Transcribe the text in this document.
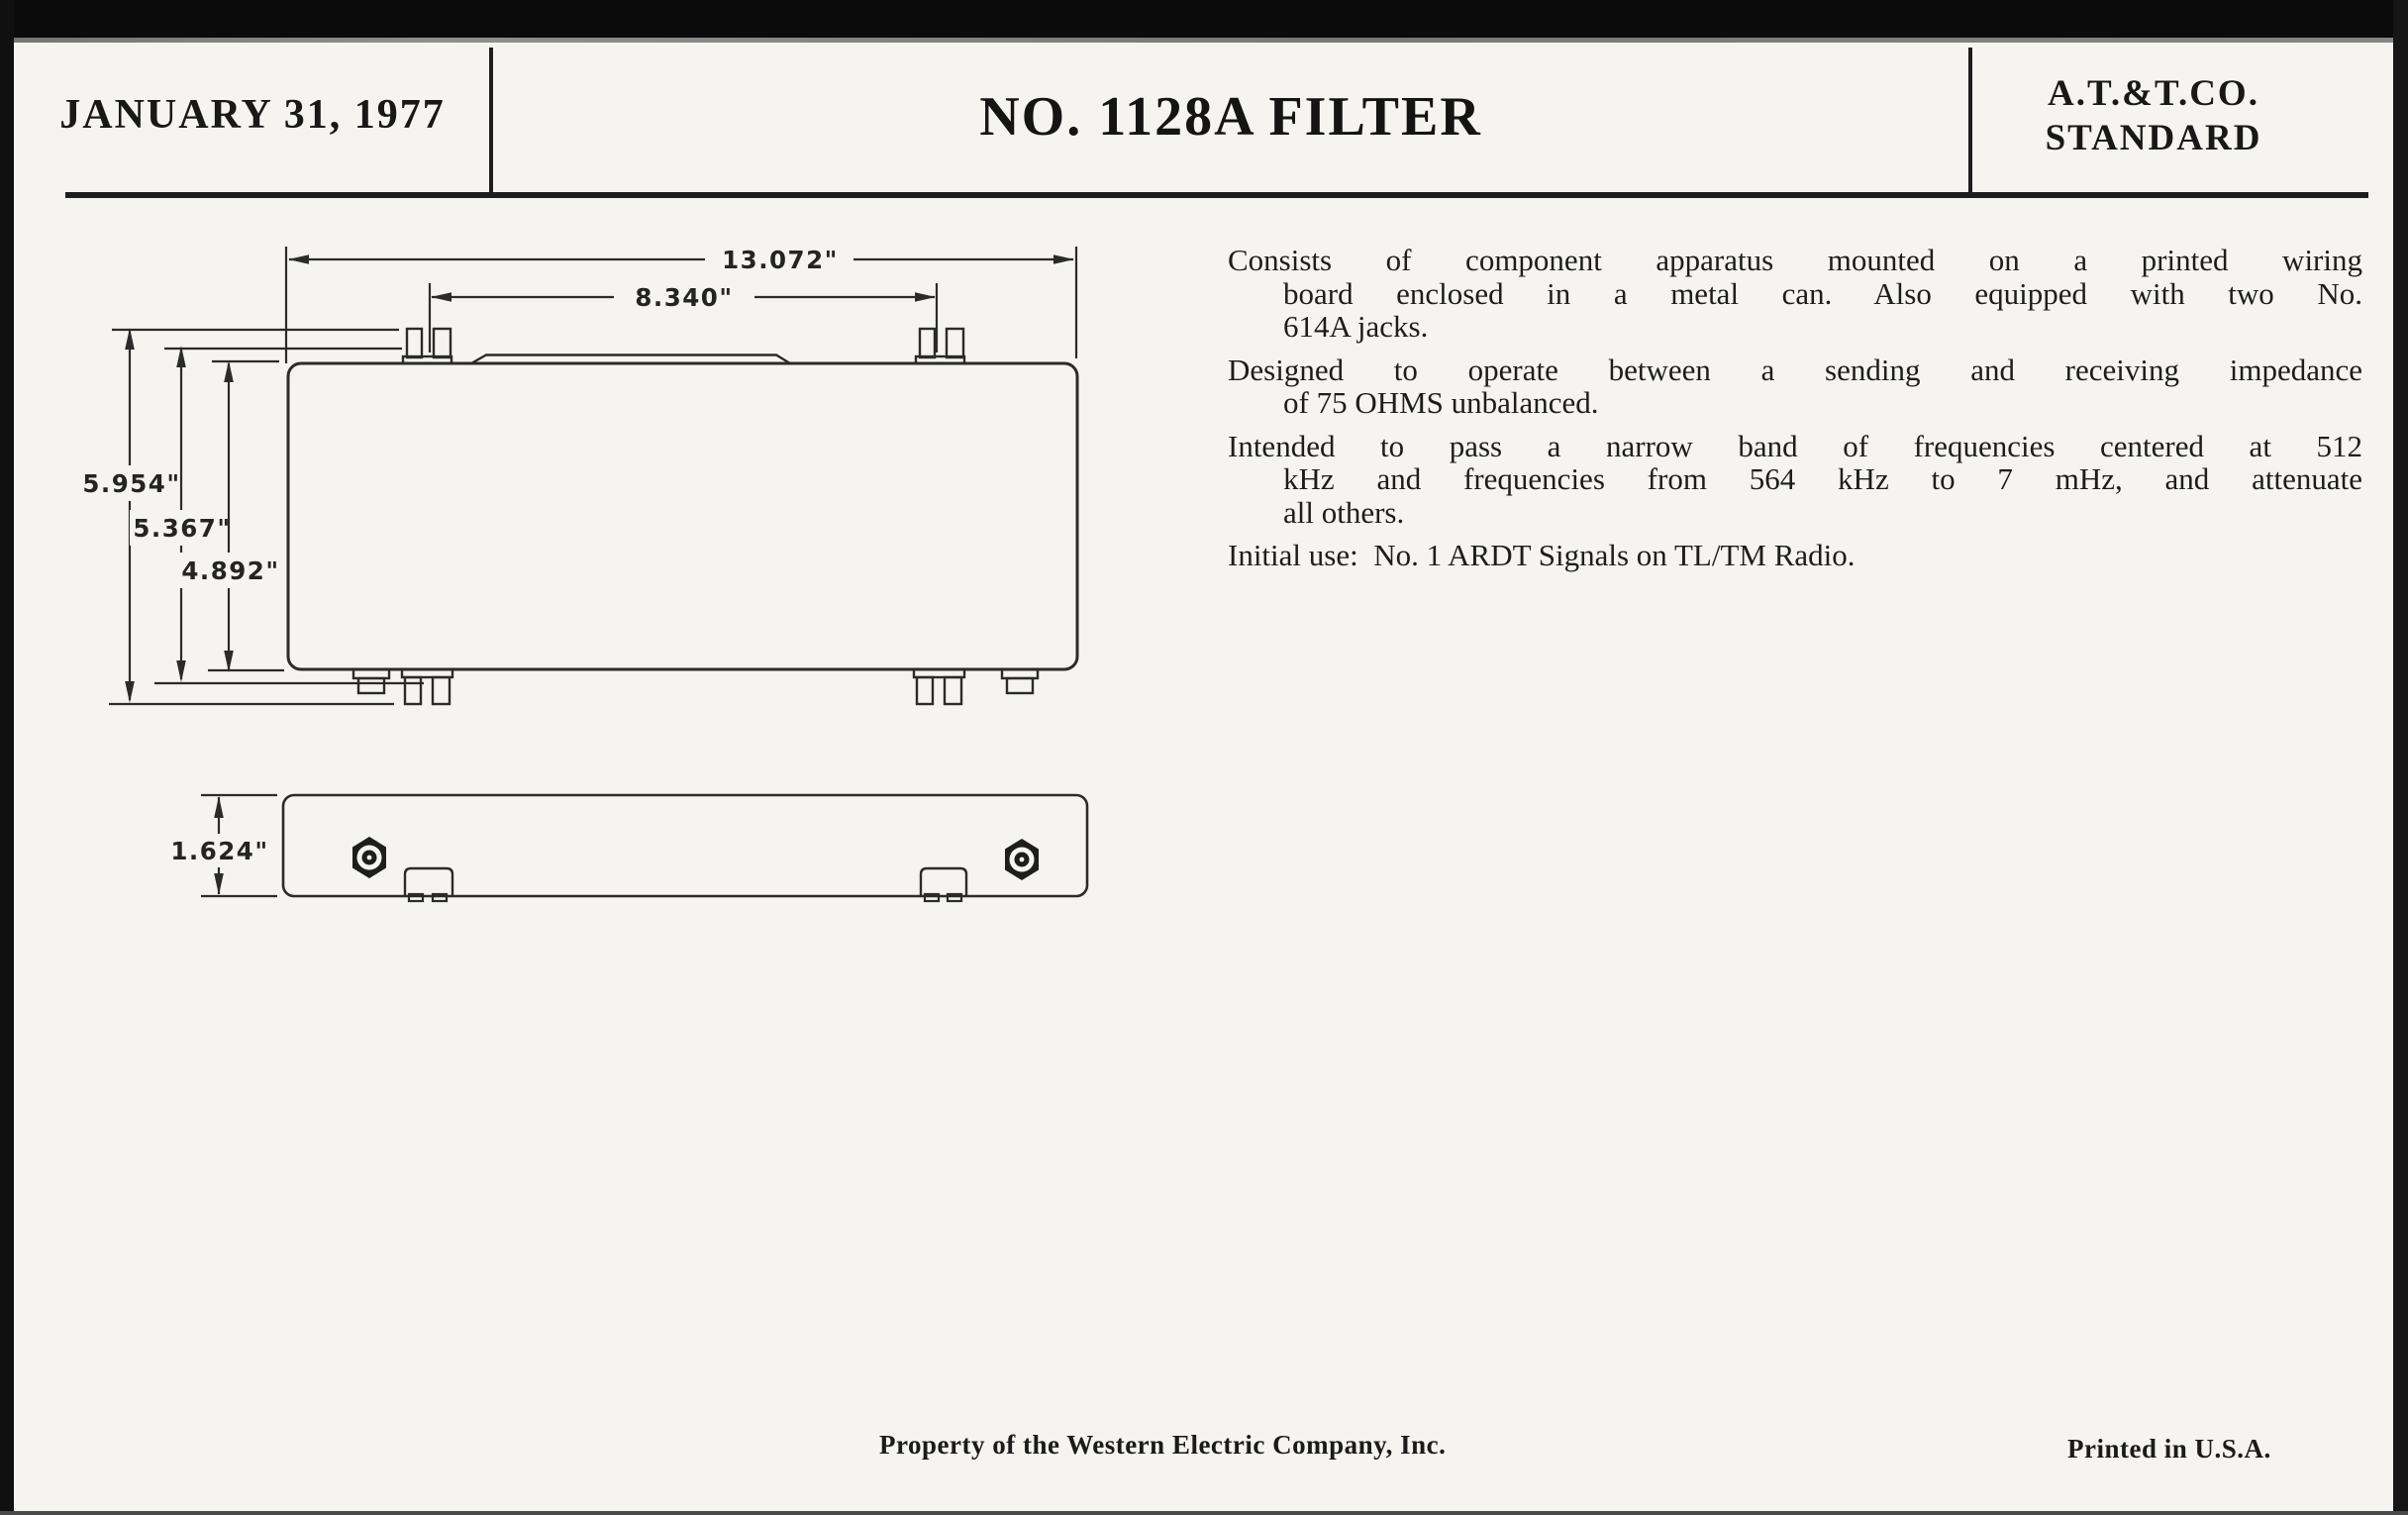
JANUARY 31, 1977	NO. 1128A FILTER	A.T.&T.CO.
STANDARD
13.072"
8.340"
5.954"
5.367"
4.892"
1.624"
Consists of component apparatus mounted on a printed wiring
board enclosed in a metal can. Also equipped with two No.
614A jacks.
Designed to operate between a sending and receiving impedance
of 75 OHMS unbalanced.
Intended to pass a narrow band of frequencies centered at 512
kHz and frequencies from 564 kHz to 7 mHz, and attenuate
all others.
Initial use:  No. 1 ARDT Signals on TL/TM Radio.
Property of the Western Electric Company, Inc.	Printed in U.S.A.
